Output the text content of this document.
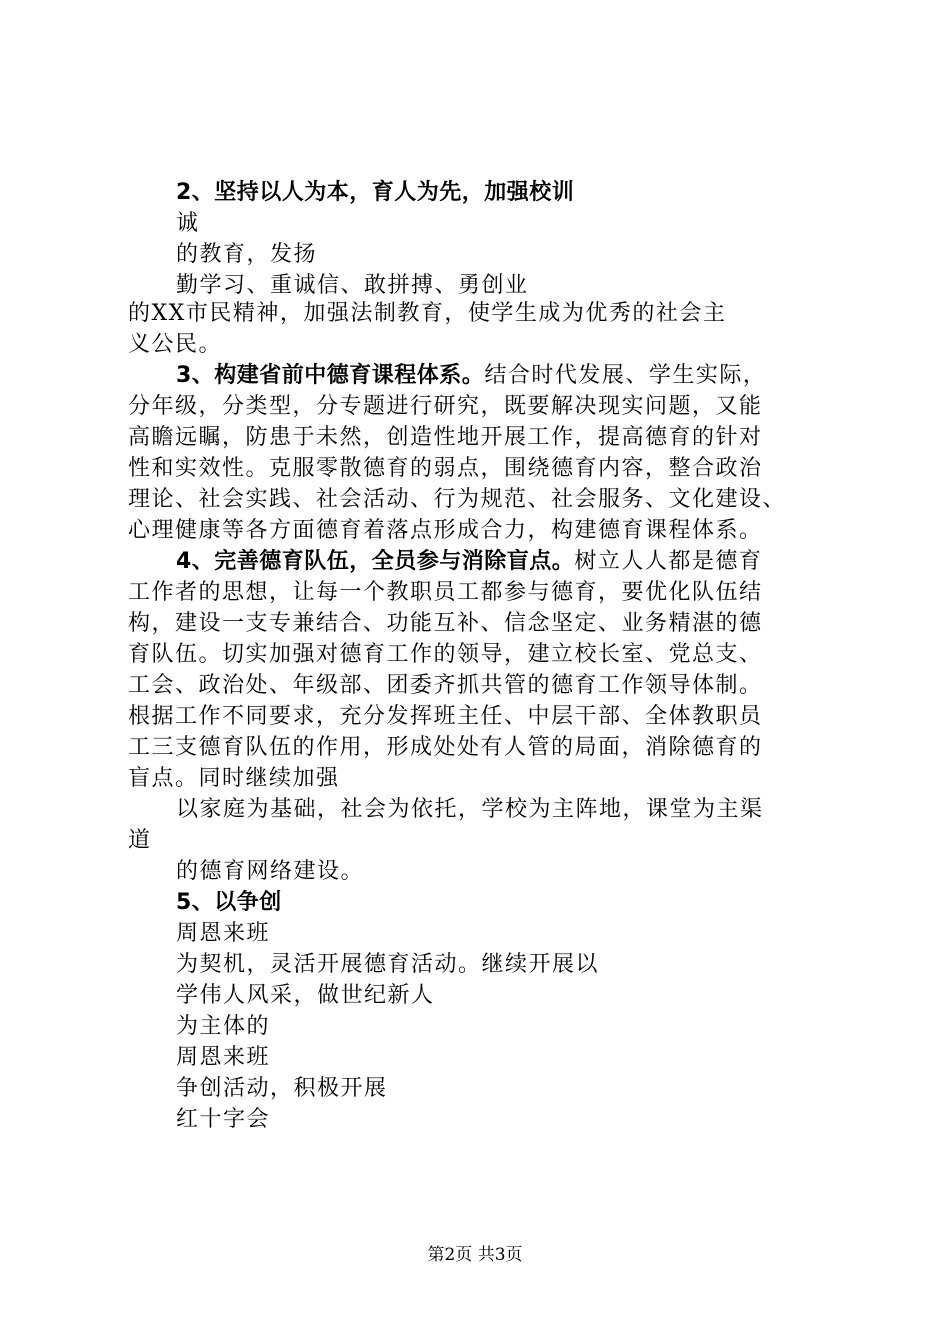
2、坚持以人为本，育人为先，加强校训
诚
的教育，发扬
勤学习、重诚信、敢拼搏、勇创业
的XX市民精神，加强法制教育，使学生成为优秀的社会主
义公民。
3、构建省前中德育课程体系。结合时代发展、学生实际，
分年级，分类型，分专题进行研究，既要解决现实问题，又能
高瞻远瞩，防患于未然，创造性地开展工作，提高德育的针对
性和实效性。克服零散德育的弱点，围绕德育内容，整合政治
理论、社会实践、社会活动、行为规范、社会服务、文化建设、
心理健康等各方面德育着落点形成合力，构建德育课程体系。
4、完善德育队伍，全员参与消除盲点。树立人人都是德育
工作者的思想，让每一个教职员工都参与德育，要优化队伍结
构，建设一支专兼结合、功能互补、信念坚定、业务精湛的德
育队伍。切实加强对德育工作的领导，建立校长室、党总支、
工会、政治处、年级部、团委齐抓共管的德育工作领导体制。
根据工作不同要求，充分发挥班主任、中层干部、全体教职员
工三支德育队伍的作用，形成处处有人管的局面，消除德育的
盲点。同时继续加强
以家庭为基础，社会为依托，学校为主阵地，课堂为主渠
道
的德育网络建设。
5、以争创
周恩来班
为契机，灵活开展德育活动。继续开展以
学伟人风采，做世纪新人
为主体的
周恩来班
争创活动，积极开展
红十字会
第2页 共3页
